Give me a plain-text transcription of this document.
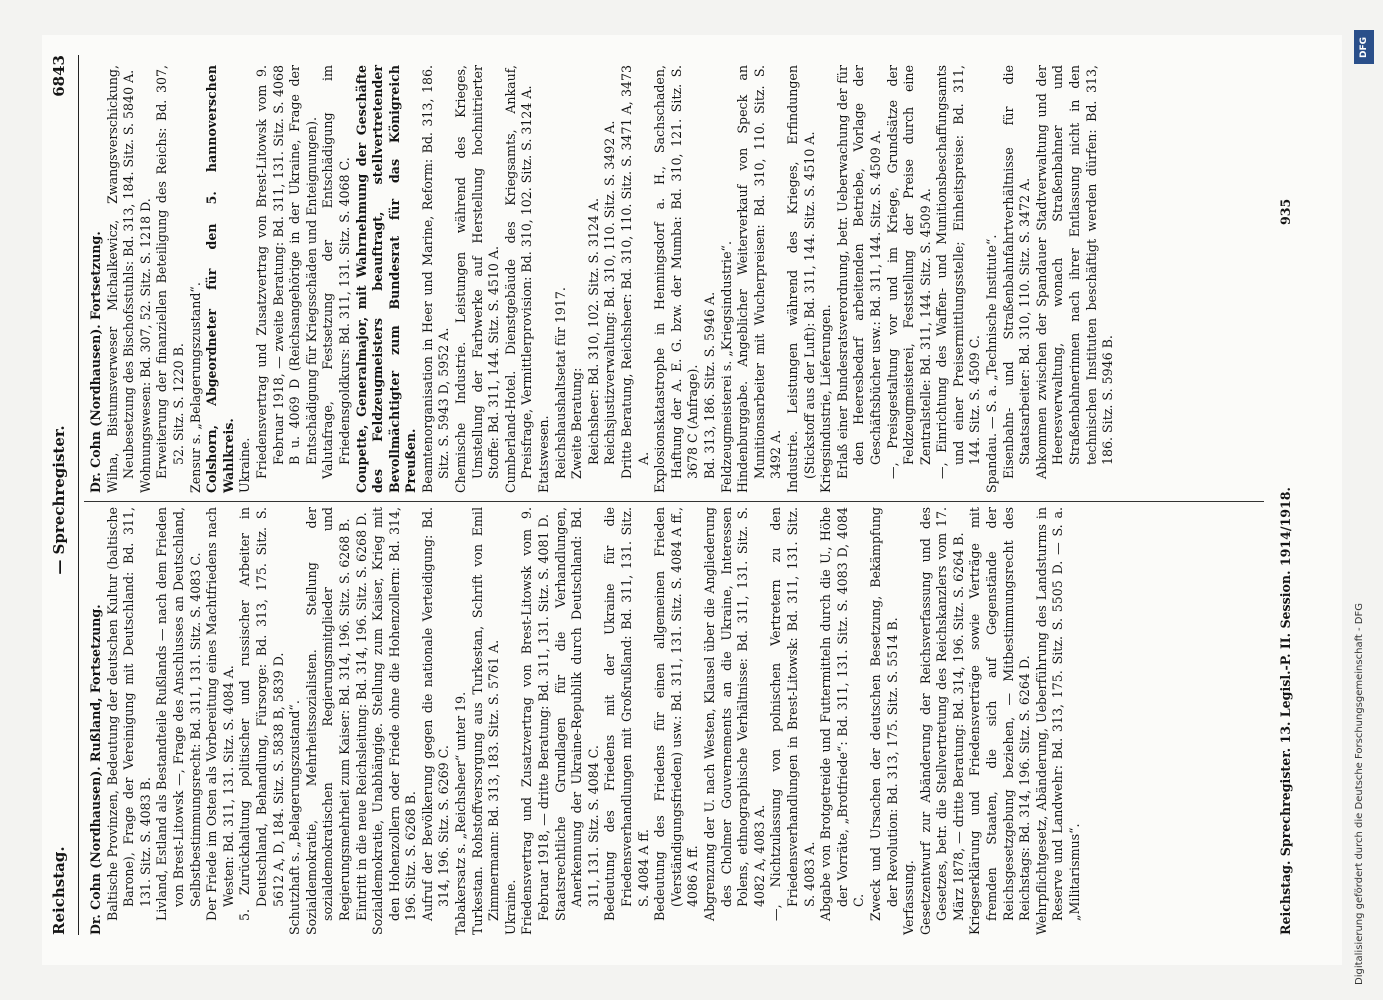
Reichstag.
— Sprechregister.
6843

Dr. Cohn (Nordhausen). Rußland, Fortsetzung. Baltische Provinzen, Bedeutung der deutschen Kultur (baltische Barone), Frage der Vereinigung mit Deutschland: Bd. 311, 131. Sitz. S. 4083 B. Livland, Estland als Bestandteile Rußlands — nach dem Frieden von Brest-Litowsk —, Frage des Anschlusses an Deutschland, Selbstbestimmungsrecht: Bd. 311, 131. Sitz. S. 4083 C. Der Friede im Osten als Vorbereitung eines Machtfriedens nach Westen: Bd. 311, 131. Sitz. S. 4084 A. 5. Zurückhaltung politischer und russischer Arbeiter in Deutschland, Behandlung, Fürsorge: Bd. 313, 175. Sitz. S. 5612 A, D, 184. Sitz. S. 5838 B, 5839 D. Schutzhaft s. „Belagerungszustand“. Sozialdemokratie, Mehrheitssozialisten. Stellung der sozialdemokratischen Regierungsmitglieder und Regierungsmehrheit zum Kaiser: Bd. 314, 196. Sitz. S. 6268 B. Eintritt in die neue Reichsleitung: Bd. 314, 196. Sitz. S. 6268 D. Sozialdemokratie, Unabhängige. Stellung zum Kaiser, Krieg mit den Hohenzollern oder Friede ohne die Hohenzollern: Bd. 314, 196. Sitz. S. 6268 B. Aufruf der Bevölkerung gegen die nationale Verteidigung: Bd. 314, 196. Sitz. S. 6269 C. Tabakersatz s. „Reichsheer“ unter 19. Turkestan. Rohstoffversorgung aus Turkestan, Schrift von Emil Zimmermann: Bd. 313, 183. Sitz. S. 5761 A. Ukraine. Friedensvertrag und Zusatzvertrag von Brest-Litowsk vom 9. Februar 1918, — dritte Beratung: Bd. 311, 131. Sitz. S. 4081 D. Staatsrechtliche Grundlagen für die Verhandlungen, Anerkennung der Ukraine-Republik durch Deutschland: Bd. 311, 131. Sitz. S. 4084 C. Bedeutung des Friedens mit der Ukraine für die Friedensverhandlungen mit Großrußland: Bd. 311, 131. Sitz. S. 4084 A ff. Bedeutung des Friedens für einen allgemeinen Frieden (Verständigungsfrieden) usw.: Bd. 311, 131. Sitz. S. 4084 A ff., 4086 A ff. Abgrenzung der U. nach Westen, Klausel über die Angliederung des Cholmer Gouvernements an die Ukraine, Interessen Polens, ethnographische Verhältnisse: Bd. 311, 131. Sitz. S. 4082 A, 4083 A. —, Nichtzulassung von polnischen Vertretern zu den Friedensverhandlungen in Brest-Litowsk: Bd. 311, 131. Sitz. S. 4083 A. Abgabe von Brotgetreide und Futtermitteln durch die U., Höhe der Vorräte, „Brotfriede“: Bd. 311, 131. Sitz. S. 4083 D, 4084 C. Zweck und Ursachen der deutschen Besetzung, Bekämpfung der Revolution: Bd. 313, 175. Sitz. S. 5514 B. Verfassung. Gesetzentwurf zur Abänderung der Reichsverfassung und des Gesetzes, betr. die Stellvertretung des Reichskanzlers vom 17. März 1878, — dritte Beratung: Bd. 314, 196. Sitz. S. 6264 B. Kriegserklärung und Friedensverträge sowie Verträge mit fremden Staaten, die sich auf Gegenstände der Reichsgesetzgebung beziehen, — Mitbestimmungsrecht des Reichstags: Bd. 314, 196. Sitz. S. 6264 D. Wehrpflichtgesetz, Abänderung, Ueberführung des Landsturms in Reserve und Landwehr: Bd. 313, 175. Sitz. S. 5505 D. — S. a. „Militarismus“.

Dr. Cohn (Nordhausen). Fortsetzung. Wilna, Bistumsverweser Michalkewicz, Zwangsverschickung, Neubesetzung des Bischofsstuhls: Bd. 313, 184. Sitz. S. 5840 A. Wohnungswesen: Bd. 307, 52. Sitz. S. 1218 D. Erweiterung der finanziellen Beteiligung des Reichs: Bd. 307, 52. Sitz. S. 1220 B. Zensur s. „Belagerungszustand“. Colshorn, Abgeordneter für den 5. hannoverschen Wahlkreis. Ukraine. Friedensvertrag und Zusatzvertrag von Brest-Litowsk vom 9. Februar 1918, — zweite Beratung: Bd. 311, 131. Sitz. S. 4068 B u. 4069 D (Reichsangehörige in der Ukraine, Frage der Entschädigung für Kriegsschäden und Enteignungen). Valutafrage, Festsetzung der Entschädigung im Friedensgoldkurs: Bd. 311, 131. Sitz. S. 4068 C. Coupette, Generalmajor, mit Wahrnehmung der Geschäfte des Feldzeugmeisters beauftragt, stellvertretender Bevollmächtigter zum Bundesrat für das Königreich Preußen. Beamtenorganisation in Heer und Marine, Reform: Bd. 313, 186. Sitz. S. 5943 D, 5952 A. Chemische Industrie. Leistungen während des Krieges, Umstellung der Farbwerke auf Herstellung hochnitrierter Stoffe: Bd. 311, 144. Sitz. S. 4510 A. Cumberland-Hotel. Dienstgebäude des Kriegsamts, Ankauf, Preisfrage, Vermittlerprovision: Bd. 310, 102. Sitz. S. 3124 A. Etatswesen. Reichshaushaltsetat für 1917. Zweite Beratung: Reichsheer: Bd. 310, 102. Sitz. S. 3124 A. Reichsjustizverwaltung: Bd. 310, 110. Sitz. S. 3492 A. Dritte Beratung, Reichsheer: Bd. 310, 110. Sitz. S. 3471 A, 3473 A. Explosionskatastrophe in Henningsdorf a. H., Sachschaden, Haftung der A. E. G. bzw. der Mumba: Bd. 310, 121. Sitz. S. 3678 C (Anfrage). Bd. 313, 186. Sitz. S. 5946 A. Feldzeugmeisterei s. „Kriegsindustrie“. Hindenburggabe. Angeblicher Weiterverkauf von Speck an Munitionsarbeiter mit Wucherpreisen: Bd. 310, 110. Sitz. S. 3492 A. Industrie. Leistungen während des Krieges, Erfindungen (Stickstoff aus der Luft): Bd. 311, 144. Sitz. S. 4510 A. Kriegsindustrie, Lieferungen. Erlaß einer Bundesratsverordnung, betr. Ueberwachung der für den Heeresbedarf arbeitenden Betriebe, Vorlage der Geschäftsbücher usw.: Bd. 311, 144. Sitz. S. 4509 A. —, Preisgestaltung vor und im Kriege, Grundsätze der Feldzeugmeisterei, Feststellung der Preise durch eine Zentralstelle: Bd. 311, 144. Sitz. S. 4509 A. —, Einrichtung des Waffen- und Munitionsbeschaffungsamts und einer Preisermittlungsstelle; Einheitspreise: Bd. 311, 144. Sitz. S. 4509 C. Spandau. — S. a. „Technische Institute“. Eisenbahn- und Straßenbahnfahrtverhältnisse für die Staatsarbeiter: Bd. 310, 110. Sitz. S. 3472 A. Abkommen zwischen der Spandauer Stadtverwaltung und der Heeresverwaltung, wonach Straßenbahner und Straßenbahnerinnen nach ihrer Entlassung nicht in den technischen Instituten beschäftigt werden dürfen: Bd. 313, 186. Sitz. S. 5946 B.

Reichstag. Sprechregister. 13. Legisl.-P. II. Session. 1914/1918.
935
Digitalisierung gefördert durch die Deutsche Forschungsgemeinschaft - DFG
DFG
